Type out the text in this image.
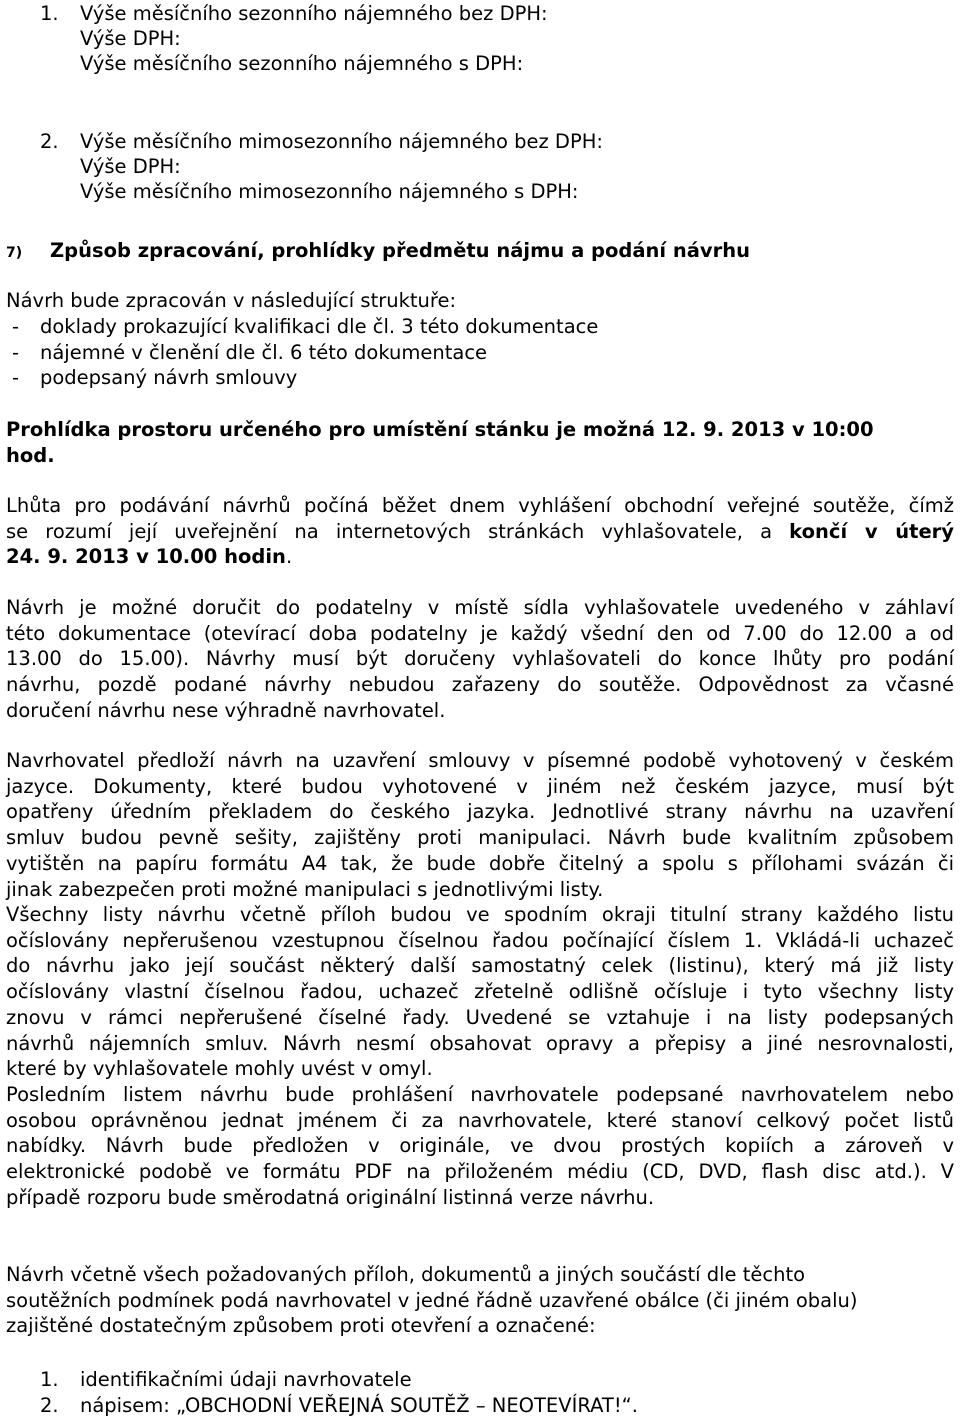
1. Výše měsíčního sezonního nájemného bez DPH:
Výše DPH:
Výše měsíčního sezonního nájemného s DPH:
2. Výše měsíčního mimosezonního nájemného bez DPH:
Výše DPH:
Výše měsíčního mimosezonního nájemného s DPH:
7) Způsob zpracování, prohlídky předmětu nájmu a podání návrhu
Návrh bude zpracován v následující struktuře:
- doklady prokazující kvalifikaci dle čl. 3 této dokumentace
- nájemné v členění dle čl. 6 této dokumentace
- podepsaný návrh smlouvy
Prohlídka prostoru určeného pro umístění stánku je možná 12. 9. 2013 v 10:00
hod.
Lhůta pro podávání návrhů počíná běžet dnem vyhlášení obchodní veřejné soutěže, čímž
se rozumí její uveřejnění na internetových stránkách vyhlašovatele, a končí v úterý
24. 9. 2013 v 10.00 hodin.
Návrh je možné doručit do podatelny v místě sídla vyhlašovatele uvedeného v záhlaví
této dokumentace (otevírací doba podatelny je každý všední den od 7.00 do 12.00 a od
13.00 do 15.00). Návrhy musí být doručeny vyhlašovateli do konce lhůty pro podání
návrhu, pozdě podané návrhy nebudou zařazeny do soutěže. Odpovědnost za včasné
doručení návrhu nese výhradně navrhovatel.
Navrhovatel předloží návrh na uzavření smlouvy v písemné podobě vyhotovený v českém
jazyce. Dokumenty, které budou vyhotovené v jiném než českém jazyce, musí být
opatřeny úředním překladem do českého jazyka. Jednotlivé strany návrhu na uzavření
smluv budou pevně sešity, zajištěny proti manipulaci. Návrh bude kvalitním způsobem
vytištěn na papíru formátu A4 tak, že bude dobře čitelný a spolu s přílohami svázán či
jinak zabezpečen proti možné manipulaci s jednotlivými listy.
Všechny listy návrhu včetně příloh budou ve spodním okraji titulní strany každého listu
očíslovány nepřerušenou vzestupnou číselnou řadou počínající číslem 1. Vkládá-li uchazeč
do návrhu jako její součást některý další samostatný celek (listinu), který má již listy
očíslovány vlastní číselnou řadou, uchazeč zřetelně odlišně očísluje i tyto všechny listy
znovu v rámci nepřerušené číselné řady. Uvedené se vztahuje i na listy podepsaných
návrhů nájemních smluv. Návrh nesmí obsahovat opravy a přepisy a jiné nesrovnalosti,
které by vyhlašovatele mohly uvést v omyl.
Posledním listem návrhu bude prohlášení navrhovatele podepsané navrhovatelem nebo
osobou oprávněnou jednat jménem či za navrhovatele, které stanoví celkový počet listů
nabídky. Návrh bude předložen v originále, ve dvou prostých kopiích a zároveň v
elektronické podobě ve formátu PDF na přiloženém médiu (CD, DVD, flash disc atd.). V
případě rozporu bude směrodatná originální listinná verze návrhu.
Návrh včetně všech požadovaných příloh, dokumentů a jiných součástí dle těchto
soutěžních podmínek podá navrhovatel v jedné řádně uzavřené obálce (či jiném obalu)
zajištěné dostatečným způsobem proti otevření a označené:
1. identifikačními údaji navrhovatele
2. nápisem: „OBCHODNÍ VEŘEJNÁ SOUTĚŽ – NEOTEVÍRAT!“.
